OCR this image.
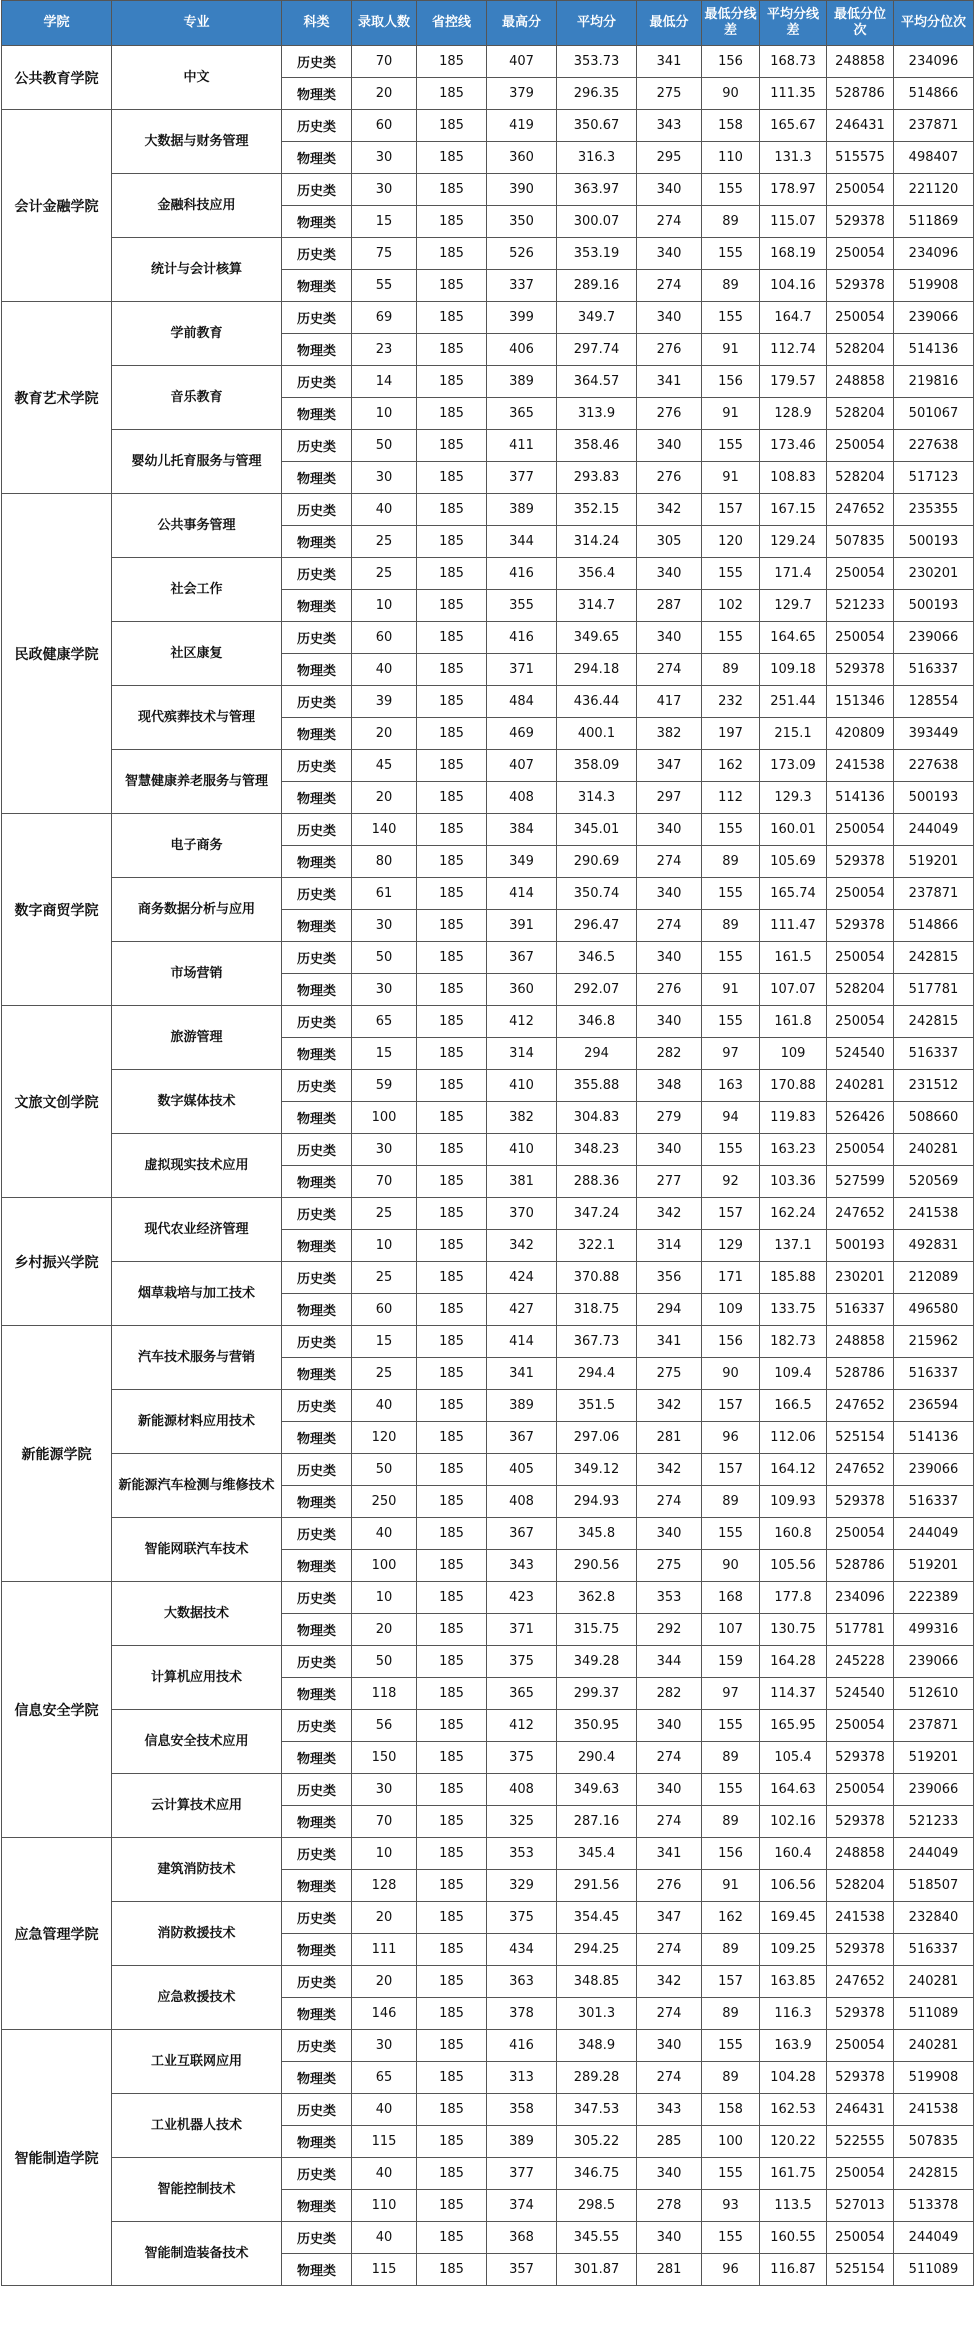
学院	专业	科类	录取人数	省控线	最高分	平均分	最低分	最低分线差	平均分线差	最低分位次	平均分位次
公共教育学院	中文	历史类	70	185	407	353.73	341	156	168.73	248858	234096
		物理类	20	185	379	296.35	275	90	111.35	528786	514866
会计金融学院	大数据与财务管理	历史类	60	185	419	350.67	343	158	165.67	246431	237871
		物理类	30	185	360	316.3	295	110	131.3	515575	498407
	金融科技应用	历史类	30	185	390	363.97	340	155	178.97	250054	221120
		物理类	15	185	350	300.07	274	89	115.07	529378	511869
	统计与会计核算	历史类	75	185	526	353.19	340	155	168.19	250054	234096
		物理类	55	185	337	289.16	274	89	104.16	529378	519908
教育艺术学院	学前教育	历史类	69	185	399	349.7	340	155	164.7	250054	239066
		物理类	23	185	406	297.74	276	91	112.74	528204	514136
	音乐教育	历史类	14	185	389	364.57	341	156	179.57	248858	219816
		物理类	10	185	365	313.9	276	91	128.9	528204	501067
	婴幼儿托育服务与管理	历史类	50	185	411	358.46	340	155	173.46	250054	227638
		物理类	30	185	377	293.83	276	91	108.83	528204	517123
民政健康学院	公共事务管理	历史类	40	185	389	352.15	342	157	167.15	247652	235355
		物理类	25	185	344	314.24	305	120	129.24	507835	500193
	社会工作	历史类	25	185	416	356.4	340	155	171.4	250054	230201
		物理类	10	185	355	314.7	287	102	129.7	521233	500193
	社区康复	历史类	60	185	416	349.65	340	155	164.65	250054	239066
		物理类	40	185	371	294.18	274	89	109.18	529378	516337
	现代殡葬技术与管理	历史类	39	185	484	436.44	417	232	251.44	151346	128554
		物理类	20	185	469	400.1	382	197	215.1	420809	393449
	智慧健康养老服务与管理	历史类	45	185	407	358.09	347	162	173.09	241538	227638
		物理类	20	185	408	314.3	297	112	129.3	514136	500193
数字商贸学院	电子商务	历史类	140	185	384	345.01	340	155	160.01	250054	244049
		物理类	80	185	349	290.69	274	89	105.69	529378	519201
	商务数据分析与应用	历史类	61	185	414	350.74	340	155	165.74	250054	237871
		物理类	30	185	391	296.47	274	89	111.47	529378	514866
	市场营销	历史类	50	185	367	346.5	340	155	161.5	250054	242815
		物理类	30	185	360	292.07	276	91	107.07	528204	517781
文旅文创学院	旅游管理	历史类	65	185	412	346.8	340	155	161.8	250054	242815
		物理类	15	185	314	294	282	97	109	524540	516337
	数字媒体技术	历史类	59	185	410	355.88	348	163	170.88	240281	231512
		物理类	100	185	382	304.83	279	94	119.83	526426	508660
	虚拟现实技术应用	历史类	30	185	410	348.23	340	155	163.23	250054	240281
		物理类	70	185	381	288.36	277	92	103.36	527599	520569
乡村振兴学院	现代农业经济管理	历史类	25	185	370	347.24	342	157	162.24	247652	241538
		物理类	10	185	342	322.1	314	129	137.1	500193	492831
	烟草栽培与加工技术	历史类	25	185	424	370.88	356	171	185.88	230201	212089
		物理类	60	185	427	318.75	294	109	133.75	516337	496580
新能源学院	汽车技术服务与营销	历史类	15	185	414	367.73	341	156	182.73	248858	215962
		物理类	25	185	341	294.4	275	90	109.4	528786	516337
	新能源材料应用技术	历史类	40	185	389	351.5	342	157	166.5	247652	236594
		物理类	120	185	367	297.06	281	96	112.06	525154	514136
	新能源汽车检测与维修技术	历史类	50	185	405	349.12	342	157	164.12	247652	239066
		物理类	250	185	408	294.93	274	89	109.93	529378	516337
	智能网联汽车技术	历史类	40	185	367	345.8	340	155	160.8	250054	244049
		物理类	100	185	343	290.56	275	90	105.56	528786	519201
信息安全学院	大数据技术	历史类	10	185	423	362.8	353	168	177.8	234096	222389
		物理类	20	185	371	315.75	292	107	130.75	517781	499316
	计算机应用技术	历史类	50	185	375	349.28	344	159	164.28	245228	239066
		物理类	118	185	365	299.37	282	97	114.37	524540	512610
	信息安全技术应用	历史类	56	185	412	350.95	340	155	165.95	250054	237871
		物理类	150	185	375	290.4	274	89	105.4	529378	519201
	云计算技术应用	历史类	30	185	408	349.63	340	155	164.63	250054	239066
		物理类	70	185	325	287.16	274	89	102.16	529378	521233
应急管理学院	建筑消防技术	历史类	10	185	353	345.4	341	156	160.4	248858	244049
		物理类	128	185	329	291.56	276	91	106.56	528204	518507
	消防救援技术	历史类	20	185	375	354.45	347	162	169.45	241538	232840
		物理类	111	185	434	294.25	274	89	109.25	529378	516337
	应急救援技术	历史类	20	185	363	348.85	342	157	163.85	247652	240281
		物理类	146	185	378	301.3	274	89	116.3	529378	511089
智能制造学院	工业互联网应用	历史类	30	185	416	348.9	340	155	163.9	250054	240281
		物理类	65	185	313	289.28	274	89	104.28	529378	519908
	工业机器人技术	历史类	40	185	358	347.53	343	158	162.53	246431	241538
		物理类	115	185	389	305.22	285	100	120.22	522555	507835
	智能控制技术	历史类	40	185	377	346.75	340	155	161.75	250054	242815
		物理类	110	185	374	298.5	278	93	113.5	527013	513378
	智能制造装备技术	历史类	40	185	368	345.55	340	155	160.55	250054	244049
		物理类	115	185	357	301.87	281	96	116.87	525154	511089
